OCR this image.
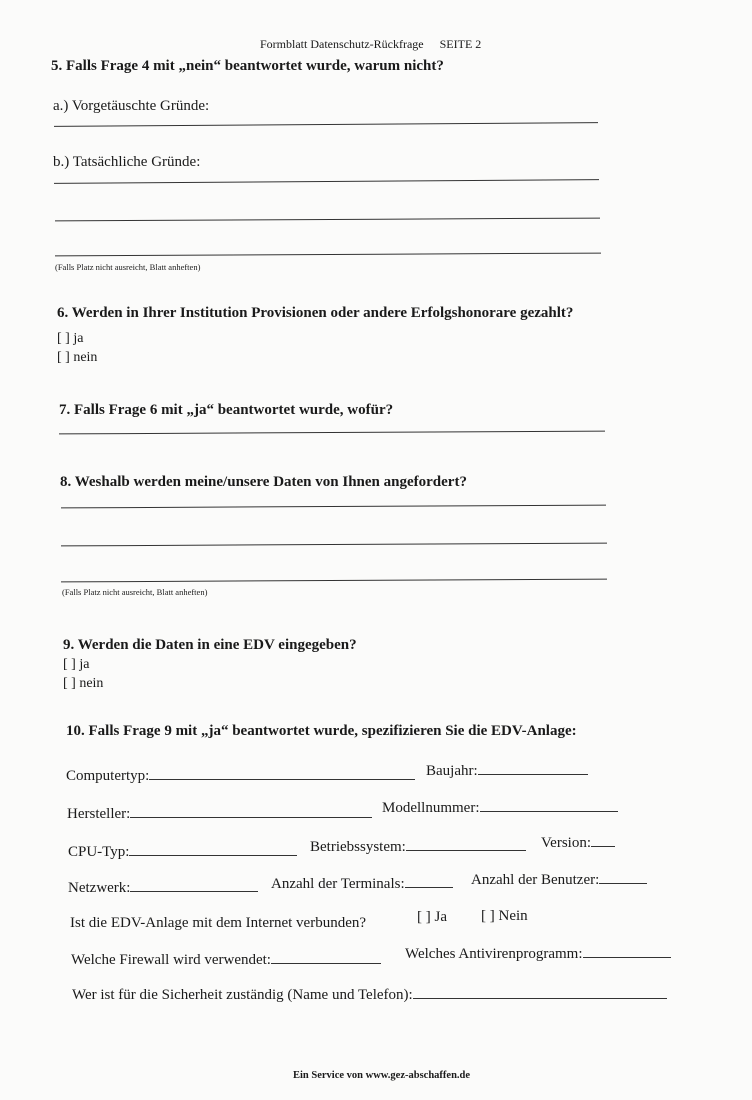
Formblatt Datenschutz-Rückfrage SEITE 2
5. Falls Frage 4 mit „nein“ beantwortet wurde, warum nicht?
a.) Vorgetäuschte Gründe:
b.) Tatsächliche Gründe:
(Falls Platz nicht ausreicht, Blatt anheften)
6. Werden in Ihrer Institution Provisionen oder andere Erfolgshonorare gezahlt?
[ ] ja
[ ] nein
7. Falls Frage 6 mit „ja“ beantwortet wurde, wofür?
8. Weshalb werden meine/unsere Daten von Ihnen angefordert?
(Falls Platz nicht ausreicht, Blatt anheften)
9. Werden die Daten in eine EDV eingegeben?
[ ] ja
[ ] nein
10. Falls Frage 9 mit „ja“ beantwortet wurde, spezifizieren Sie die EDV-Anlage:
Computertyp:	Baujahr:
Hersteller:	Modellnummer:
CPU-Typ:	Betriebssystem:	Version:
Netzwerk:	Anzahl der Terminals:	Anzahl der Benutzer:
Ist die EDV-Anlage mit dem Internet verbunden?	[ ] Ja [ ] Nein
Welche Firewall wird verwendet:	Welches Antivirenprogramm:
Wer ist für die Sicherheit zuständig (Name und Telefon):
Ein Service von www.gez-abschaffen.de
